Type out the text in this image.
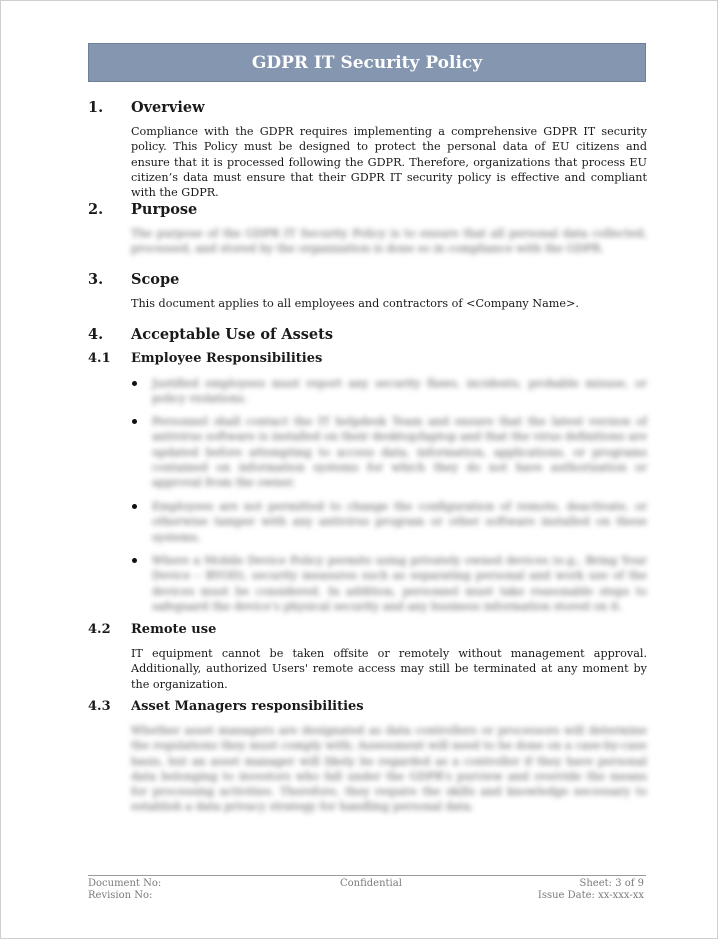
GDPR IT Security Policy
1.	Overview
Compliance with the GDPR requires implementing a comprehensive GDPR IT security policy. This Policy must be designed to protect the personal data of EU citizens and ensure that it is processed following the GDPR. Therefore, organizations that process EU citizen’s data must ensure that their GDPR IT security policy is effective and compliant with the GDPR.
2.	Purpose
The purpose of the GDPR IT Security Policy is to ensure that all personal data collected, processed, and stored by the organization is done so in compliance with the GDPR.
3.	Scope
This document applies to all employees and contractors of <Company Name>.
4.	Acceptable Use of Assets
4.1	Employee Responsibilities
Justified employees must report any security flaws, incidents, probable misuse, or policy violations.
Personnel shall contact the IT helpdesk Team and ensure that the latest version of antivirus software is installed on their desktop/laptop and that the virus definitions are updated before attempting to access data, information, applications, or programs contained on information systems for which they do not have authorization or approval from the owner.
Employees are not permitted to change the configuration of remote, deactivate, or otherwise tamper with any antivirus program or other software installed on these systems.
Where a Mobile Device Policy permits using privately owned devices (e.g., Bring Your Device – BYOD), security measures such as separating personal and work use of the devices must be considered. In addition, personnel must take reasonable steps to safeguard the device’s physical security and any business information stored on it.
4.2	Remote use
IT equipment cannot be taken offsite or remotely without management approval. Additionally, authorized Users' remote access may still be terminated at any moment by the organization.
4.3	Asset Managers responsibilities
Whether asset managers are designated as data controllers or processors will determine the regulations they must comply with; Assessment will need to be done on a case-by-case basis, but an asset manager will likely be regarded as a controller if they have personal data belonging to investors who fall under the GDPR’s purview and override the means for processing activities. Therefore, they require the skills and knowledge necessary to establish a data privacy strategy for handling personal data.
Document No:
Revision No:
Confidential	Sheet: 3 of 9
Issue Date: xx-xxx-xx
